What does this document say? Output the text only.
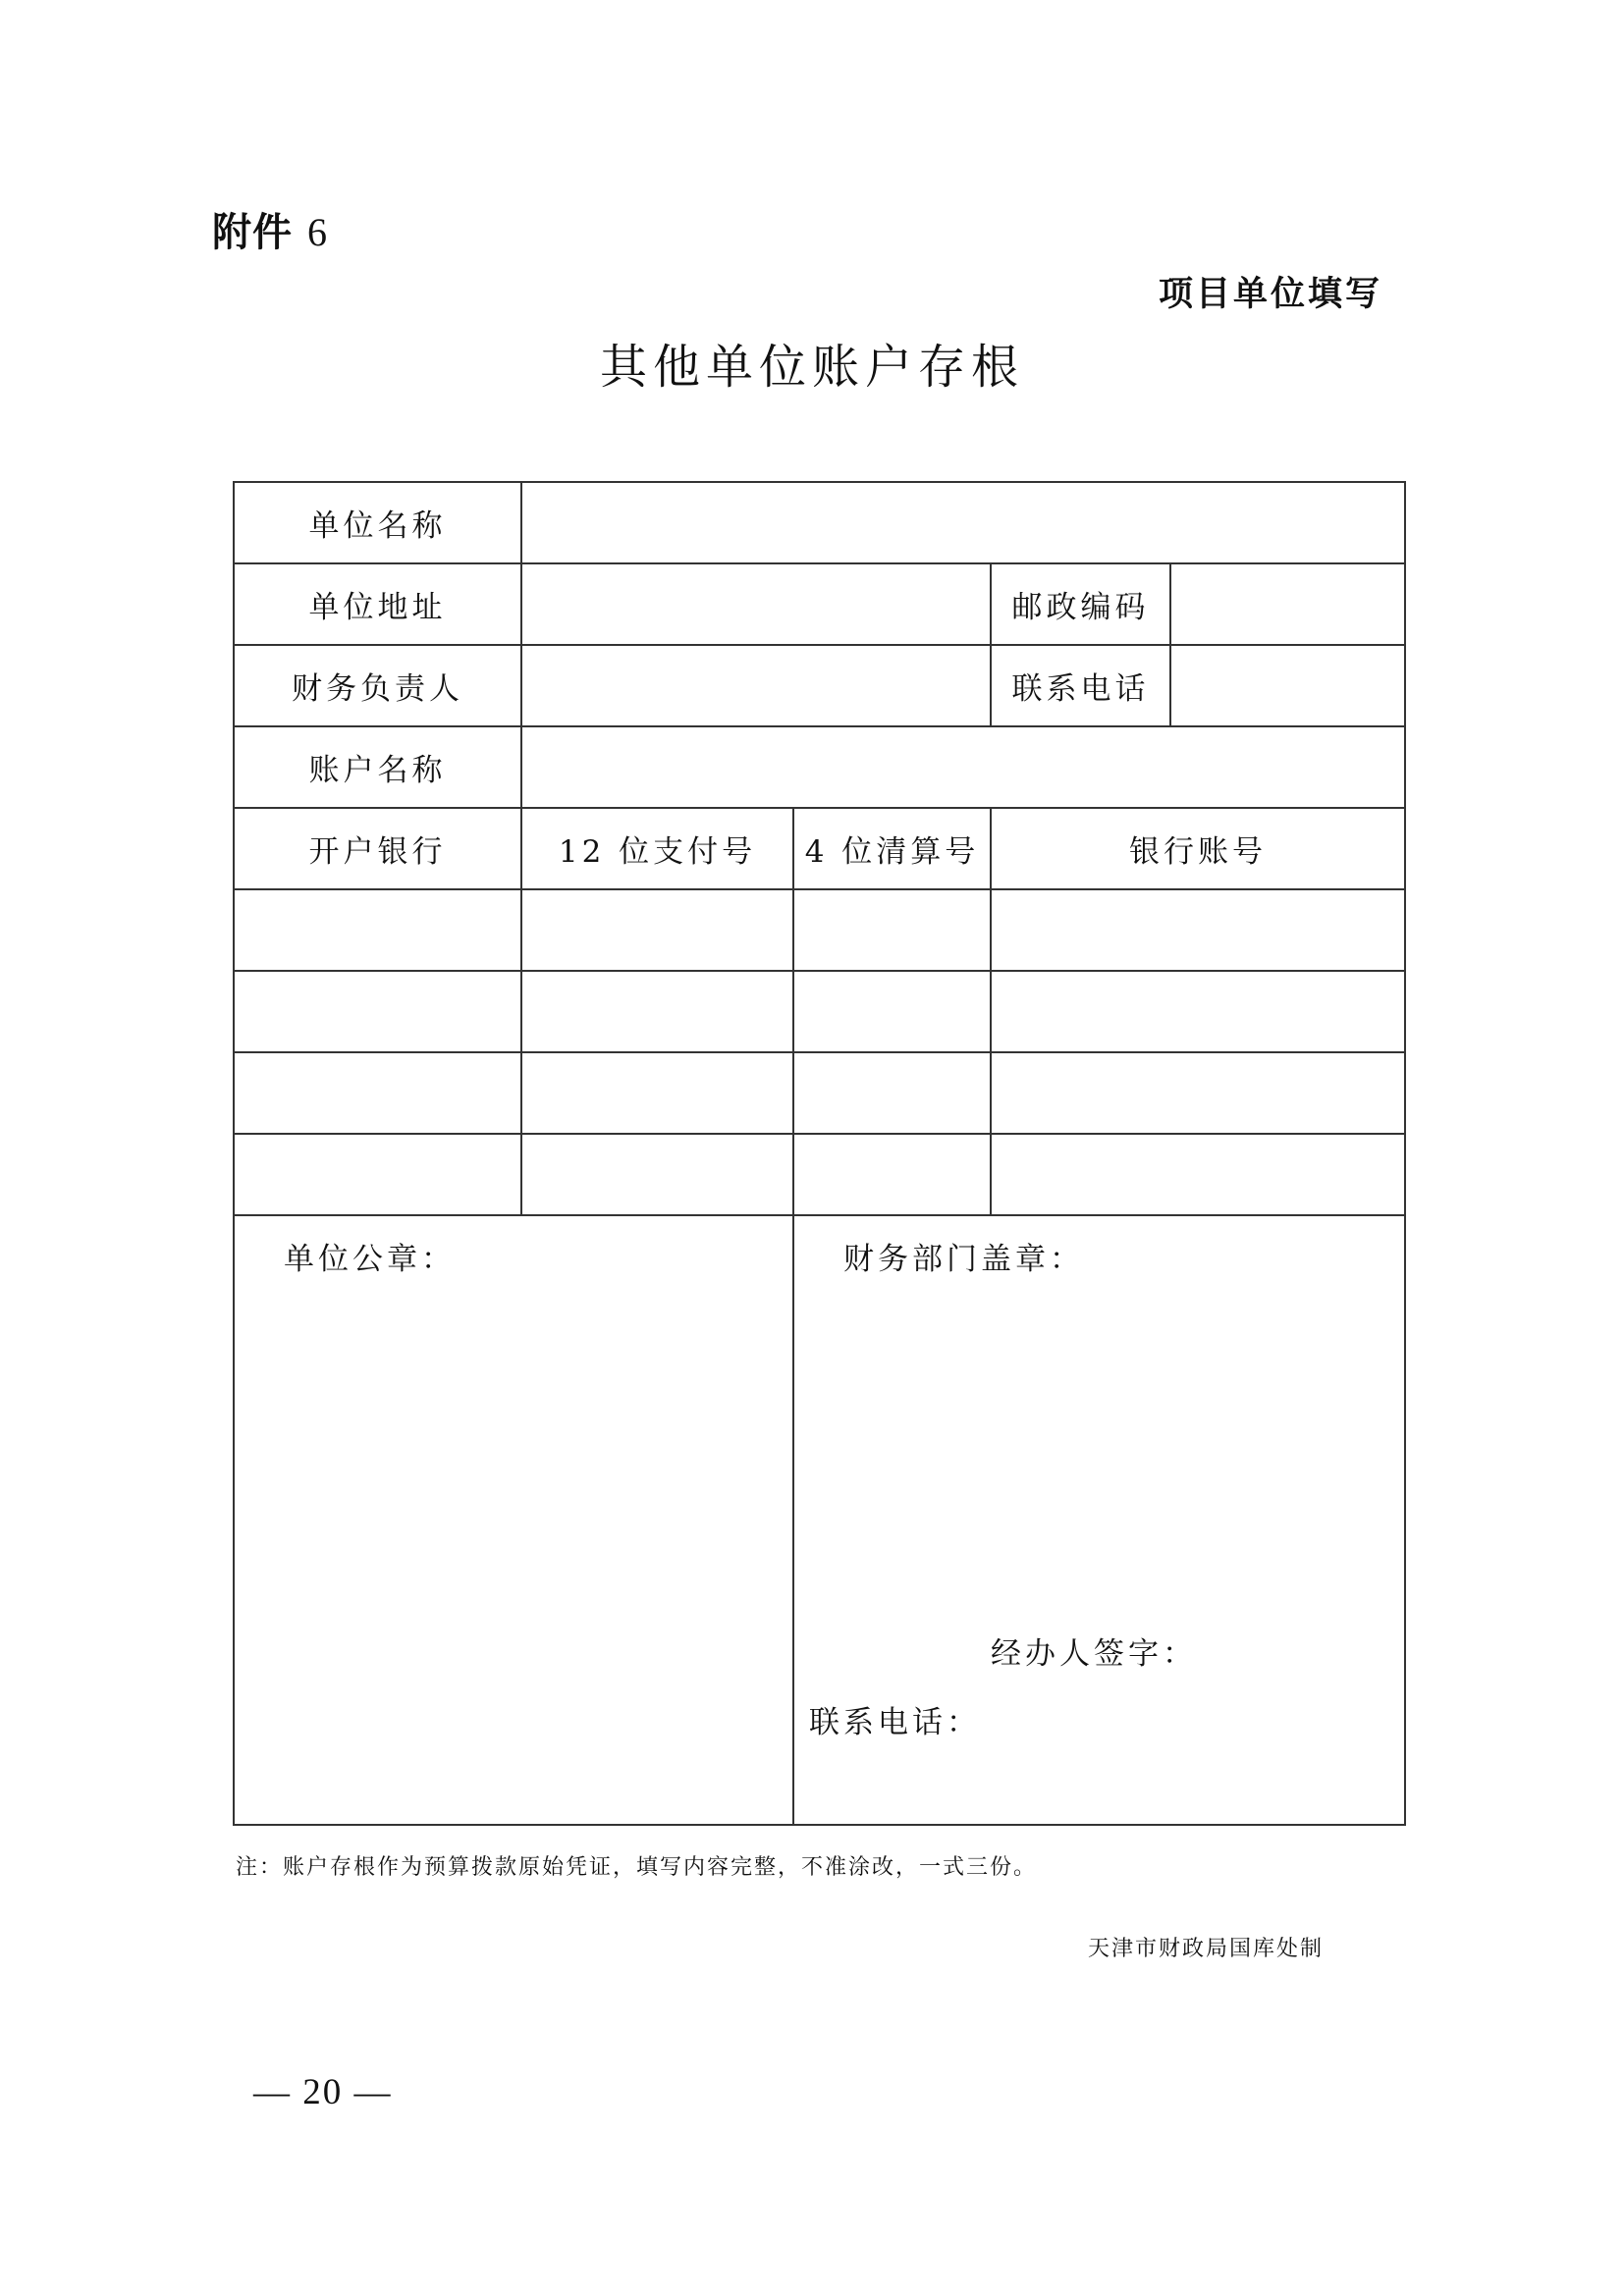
附件 6
项目单位填写
其他单位账户存根
单位名称				
单位地址			邮政编码	
财务负责人			联系电话	
账户名称				
开户银行	12 位支付号	4 位清算号	银行账号	

单位公章：		财务部门盖章：
经办人签字：
联系电话：		
注：账户存根作为预算拨款原始凭证，填写内容完整，不准涂改，一式三份。
天津市财政局国库处制
— 20 —
